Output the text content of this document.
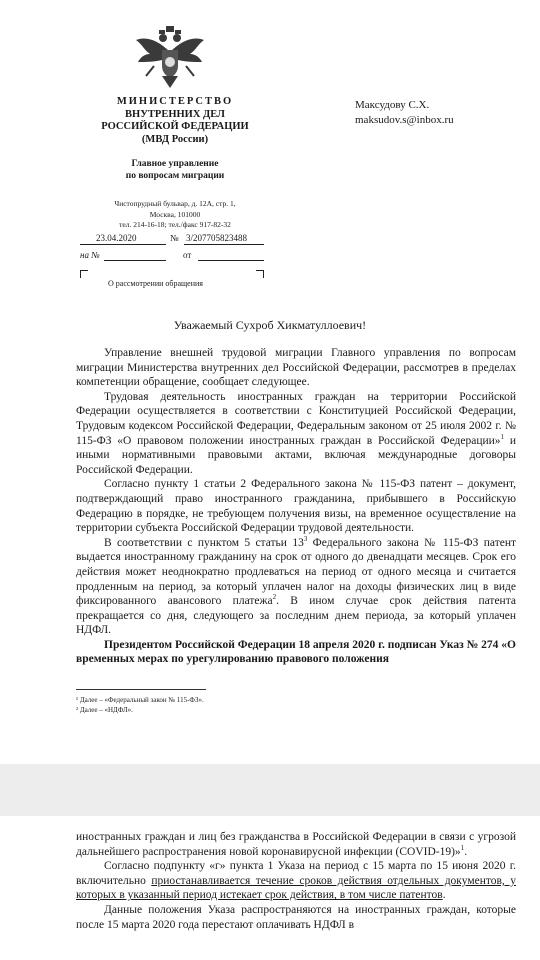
МИНИСТЕРСТВО
ВНУТРЕННИХ ДЕЛ
РОССИЙСКОЙ ФЕДЕРАЦИИ
(МВД России)
Главное управление
по вопросам миграции
Чистопрудный бульвар, д. 12А, стр. 1,
Москва, 101000
тел. 214-16-18; тел./факс 917-82-32
23.04.2020	№ 3/207705823488
на №	от
О рассмотрении обращения
Максудову С.Х.
maksudov.s@inbox.ru
Уважаемый Сухроб Хикматуллоевич!

Управление внешней трудовой миграции Главного управления по вопросам миграции Министерства внутренних дел Российской Федерации, рассмотрев в пределах компетенции обращение, сообщает следующее.

Трудовая деятельность иностранных граждан на территории Российской Федерации осуществляется в соответствии с Конституцией Российской Федерации, Трудовым кодексом Российской Федерации, Федеральным законом от 25 июля 2002 г. № 115-ФЗ «О правовом положении иностранных граждан в Российской Федерации»$^1$ и иными нормативными правовыми актами, включая международные договоры Российской Федерации.

Согласно пункту 1 статьи 2 Федерального закона № 115-ФЗ патент – документ, подтверждающий право иностранного гражданина, прибывшего в Российскую Федерацию в порядке, не требующем получения визы, на временное осуществление на территории субъекта Российской Федерации трудовой деятельности.

В соответствии с пунктом 5 статьи $13^3$ Федерального закона № 115-ФЗ патент выдается иностранному гражданину на срок от одного до двенадцати месяцев. Срок его действия может неоднократно продлеваться на период от одного месяца и считается продленным на период, за который уплачен налог на доходы физических лиц в виде фиксированного авансового платежа$^2$. В ином случае срок действия патента прекращается со дня, следующего за последним днем периода, за который уплачен НДФЛ.

Президентом Российской Федерации 18 апреля 2020 г. подписан Указ № 274 «О временных мерах по урегулированию правового положения

¹ Далее – «Федеральный закон № 115-ФЗ».
² Далее – «НДФЛ».

иностранных граждан и лиц без гражданства в Российской Федерации в связи с угрозой дальнейшего распространения новой коронавирусной инфекции (COVID-19)»$^1$.

Согласно подпункту «г» пункта 1 Указа на период с 15 марта по 15 июня 2020 г. включительно приостанавливается течение сроков действия отдельных документов, у которых в указанный период истекает срок действия, в том числе патентов.

Данные положения Указа распространяются на иностранных граждан, которые после 15 марта 2020 года перестают оплачивать НДФЛ в
